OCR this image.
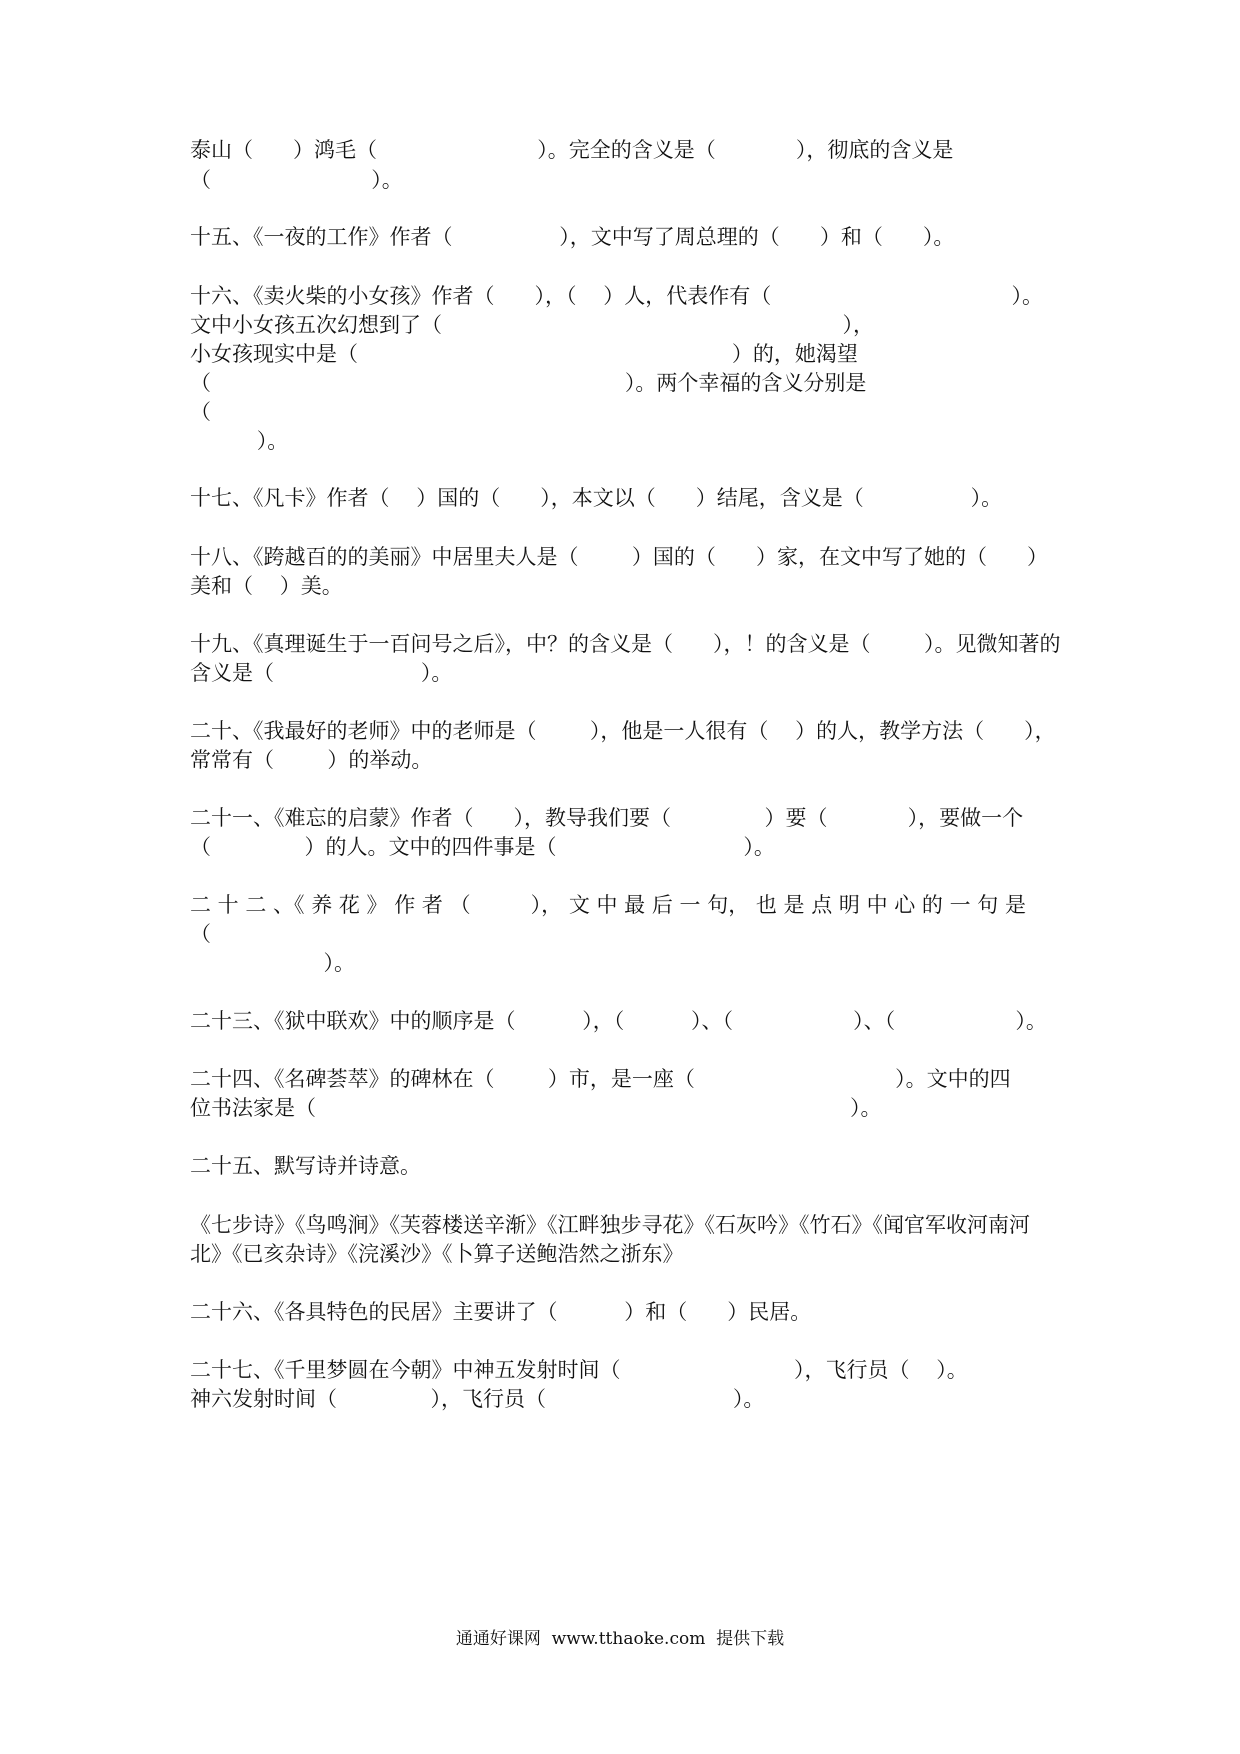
泰山（      ）鸿毛（                        ）。完全的含义是（            ），彻底的含义是
（                        ）。
十五、《一夜的工作》作者（                ），文中写了周总理的（      ）和（      ）。
十六、《卖火柴的小女孩》作者（      ），（    ）人，代表作有（                                    ）。
文中小女孩五次幻想到了（                                                            ），
小女孩现实中是（                                                        ）的，她渴望
（                                                              ）。两个幸福的含义分别是
（
）。
十七、《凡卡》作者（    ）国的（      ），本文以（      ）结尾，含义是（                ）。
十八、《跨越百的的美丽》中居里夫人是（        ）国的（      ）家，在文中写了她的（      ）
美和（    ）美。
十九、《真理诞生于一百问号之后》，中？的含义是（      ），！的含义是（        ）。见微知著的
含义是（                      ）。
二十、《我最好的老师》中的老师是（        ），他是一人很有（    ）的人，教学方法（      ），
常常有（        ）的举动。
二十一、《难忘的启蒙》作者（      ），教导我们要（              ）要（            ），要做一个
（              ）的人。文中的四件事是（                            ）。
二 十 二 、《 养 花 》 作 者 （         ）， 文 中 最 后 一 句， 也 是 点 明 中 心 的 一 句 是
（
）。
二十三、《狱中联欢》中的顺序是（          ），（          ）、（                  ）、（                  ）。
二十四、《名碑荟萃》的碑林在（        ）市，是一座（                              ）。文中的四
位书法家是（                                                                                ）。
二十五、默写诗并诗意。
《七步诗》《鸟鸣涧》《芙蓉楼送辛渐》《江畔独步寻花》《石灰吟》《竹石》《闻官军收河南河
北》《已亥杂诗》《浣溪沙》《卜算子送鲍浩然之浙东》
二十六、《各具特色的民居》主要讲了（          ）和（      ）民居。
二十七、《千里梦圆在今朝》中神五发射时间（                          ），飞行员（    ）。
神六发射时间（              ），飞行员（                            ）。
通通好课网  www.tthaoke.com  提供下载
